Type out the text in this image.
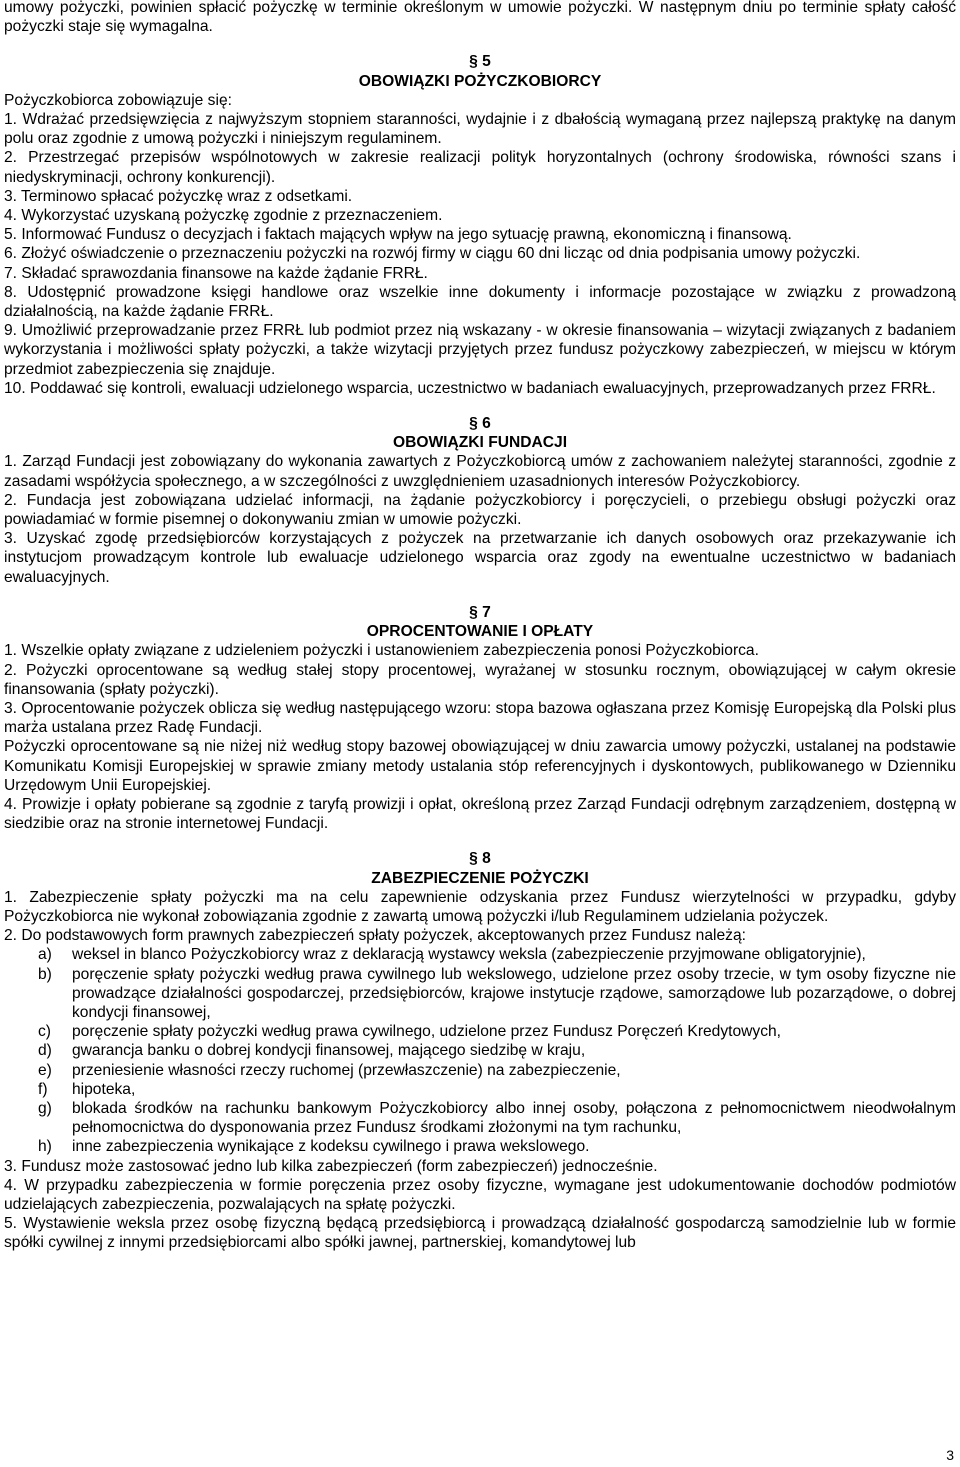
umowy pożyczki, powinien spłacić pożyczkę w terminie określonym w umowie pożyczki. W następnym dniu po terminie spłaty całość pożyczki staje się wymagalna.

§ 5
OBOWIĄZKI POŻYCZKOBIORCY

Pożyczkobiorca zobowiązuje się:

1. Wdrażać przedsięwzięcia z najwyższym stopniem staranności, wydajnie i z dbałością wymaganą przez najlepszą praktykę na danym polu oraz zgodnie z umową pożyczki i niniejszym regulaminem.

2. Przestrzegać przepisów wspólnotowych w zakresie realizacji polityk horyzontalnych (ochrony środowiska, równości szans i niedyskryminacji, ochrony konkurencji).

3. Terminowo spłacać pożyczkę wraz z odsetkami.

4. Wykorzystać uzyskaną pożyczkę zgodnie z przeznaczeniem.

5. Informować Fundusz o decyzjach i faktach mających wpływ na jego sytuację prawną, ekonomiczną i finansową.

6. Złożyć oświadczenie o przeznaczeniu pożyczki na rozwój firmy w ciągu 60 dni licząc od dnia podpisania umowy pożyczki.

7. Składać sprawozdania finansowe na każde żądanie FRRŁ.

8. Udostępnić prowadzone księgi handlowe oraz wszelkie inne dokumenty i informacje pozostające w związku z prowadzoną działalnością, na każde żądanie FRRŁ.

9. Umożliwić przeprowadzanie przez FRRŁ lub podmiot przez nią wskazany - w okresie finansowania – wizytacji związanych z badaniem wykorzystania i możliwości spłaty pożyczki, a także wizytacji przyjętych przez fundusz pożyczkowy zabezpieczeń, w miejscu w którym przedmiot zabezpieczenia się znajduje.

10. Poddawać się kontroli, ewaluacji udzielonego wsparcia, uczestnictwo w badaniach ewaluacyjnych, przeprowadzanych przez FRRŁ.

§ 6
OBOWIĄZKI FUNDACJI

1. Zarząd Fundacji jest zobowiązany do wykonania zawartych z Pożyczkobiorcą umów z zachowaniem należytej staranności, zgodnie z zasadami współżycia społecznego, a w szczególności z uwzględnieniem uzasadnionych interesów Pożyczkobiorcy.

2. Fundacja jest zobowiązana udzielać informacji, na żądanie pożyczkobiorcy i poręczycieli, o przebiegu obsługi pożyczki oraz powiadamiać w formie pisemnej o dokonywaniu zmian w umowie pożyczki.

3. Uzyskać zgodę przedsiębiorców korzystających z pożyczek na przetwarzanie ich danych osobowych oraz przekazywanie ich instytucjom prowadzącym kontrole lub ewaluacje udzielonego wsparcia oraz zgody na ewentualne uczestnictwo w badaniach ewaluacyjnych.

§ 7
OPROCENTOWANIE I OPŁATY

1. Wszelkie opłaty związane z udzieleniem pożyczki i ustanowieniem zabezpieczenia ponosi Pożyczkobiorca.

2. Pożyczki oprocentowane są według stałej stopy procentowej, wyrażanej w stosunku rocznym, obowiązującej w całym okresie finansowania (spłaty pożyczki).

3. Oprocentowanie pożyczek oblicza się według następującego wzoru: stopa bazowa ogłaszana przez Komisję Europejską dla Polski plus marża ustalana przez Radę Fundacji.

Pożyczki oprocentowane są nie niżej niż według stopy bazowej obowiązującej w dniu zawarcia umowy pożyczki, ustalanej na podstawie Komunikatu Komisji Europejskiej w sprawie zmiany metody ustalania stóp referencyjnych i dyskontowych, publikowanego w Dzienniku Urzędowym Unii Europejskiej.

4. Prowizje i opłaty pobierane są zgodnie z taryfą prowizji i opłat, określoną przez Zarząd Fundacji odrębnym zarządzeniem, dostępną w siedzibie oraz na stronie internetowej Fundacji.

§ 8
ZABEZPIECZENIE POŻYCZKI

1. Zabezpieczenie spłaty pożyczki ma na celu zapewnienie odzyskania przez Fundusz wierzytelności w przypadku, gdyby Pożyczkobiorca nie wykonał zobowiązania zgodnie z zawartą umową pożyczki i/lub Regulaminem udzielania pożyczek.

2. Do podstawowych form prawnych zabezpieczeń spłaty pożyczek, akceptowanych przez Fundusz należą:

a)	weksel in blanco Pożyczkobiorcy wraz z deklaracją wystawcy weksla (zabezpieczenie przyjmowane obligatoryjnie),
b)	poręczenie spłaty pożyczki według prawa cywilnego lub wekslowego, udzielone przez osoby trzecie, w tym osoby fizyczne nie prowadzące działalności gospodarczej, przedsiębiorców, krajowe instytucje rządowe, samorządowe lub pozarządowe, o dobrej kondycji finansowej,
c)	poręczenie spłaty pożyczki według prawa cywilnego, udzielone przez Fundusz Poręczeń Kredytowych,
d)	gwarancja banku o dobrej kondycji finansowej, mającego siedzibę w kraju,
e)	przeniesienie własności rzeczy ruchomej (przewłaszczenie) na zabezpieczenie,
f)	hipoteka,
g)	blokada środków na rachunku bankowym Pożyczkobiorcy albo innej osoby, połączona z pełnomocnictwem nieodwołalnym pełnomocnictwa do dysponowania przez Fundusz środkami złożonymi na tym rachunku,
h)	inne zabezpieczenia wynikające z kodeksu cywilnego i prawa wekslowego.

3. Fundusz może zastosować jedno lub kilka zabezpieczeń (form zabezpieczeń) jednocześnie.

4. W przypadku zabezpieczenia w formie poręczenia przez osoby fizyczne, wymagane jest udokumentowanie dochodów podmiotów udzielających zabezpieczenia, pozwalających na spłatę pożyczki.

5. Wystawienie weksla przez osobę fizyczną będącą przedsiębiorcą i prowadzącą działalność gospodarczą samodzielnie lub w formie spółki cywilnej z innymi przedsiębiorcami albo spółki jawnej, partnerskiej, komandytowej lub

3
